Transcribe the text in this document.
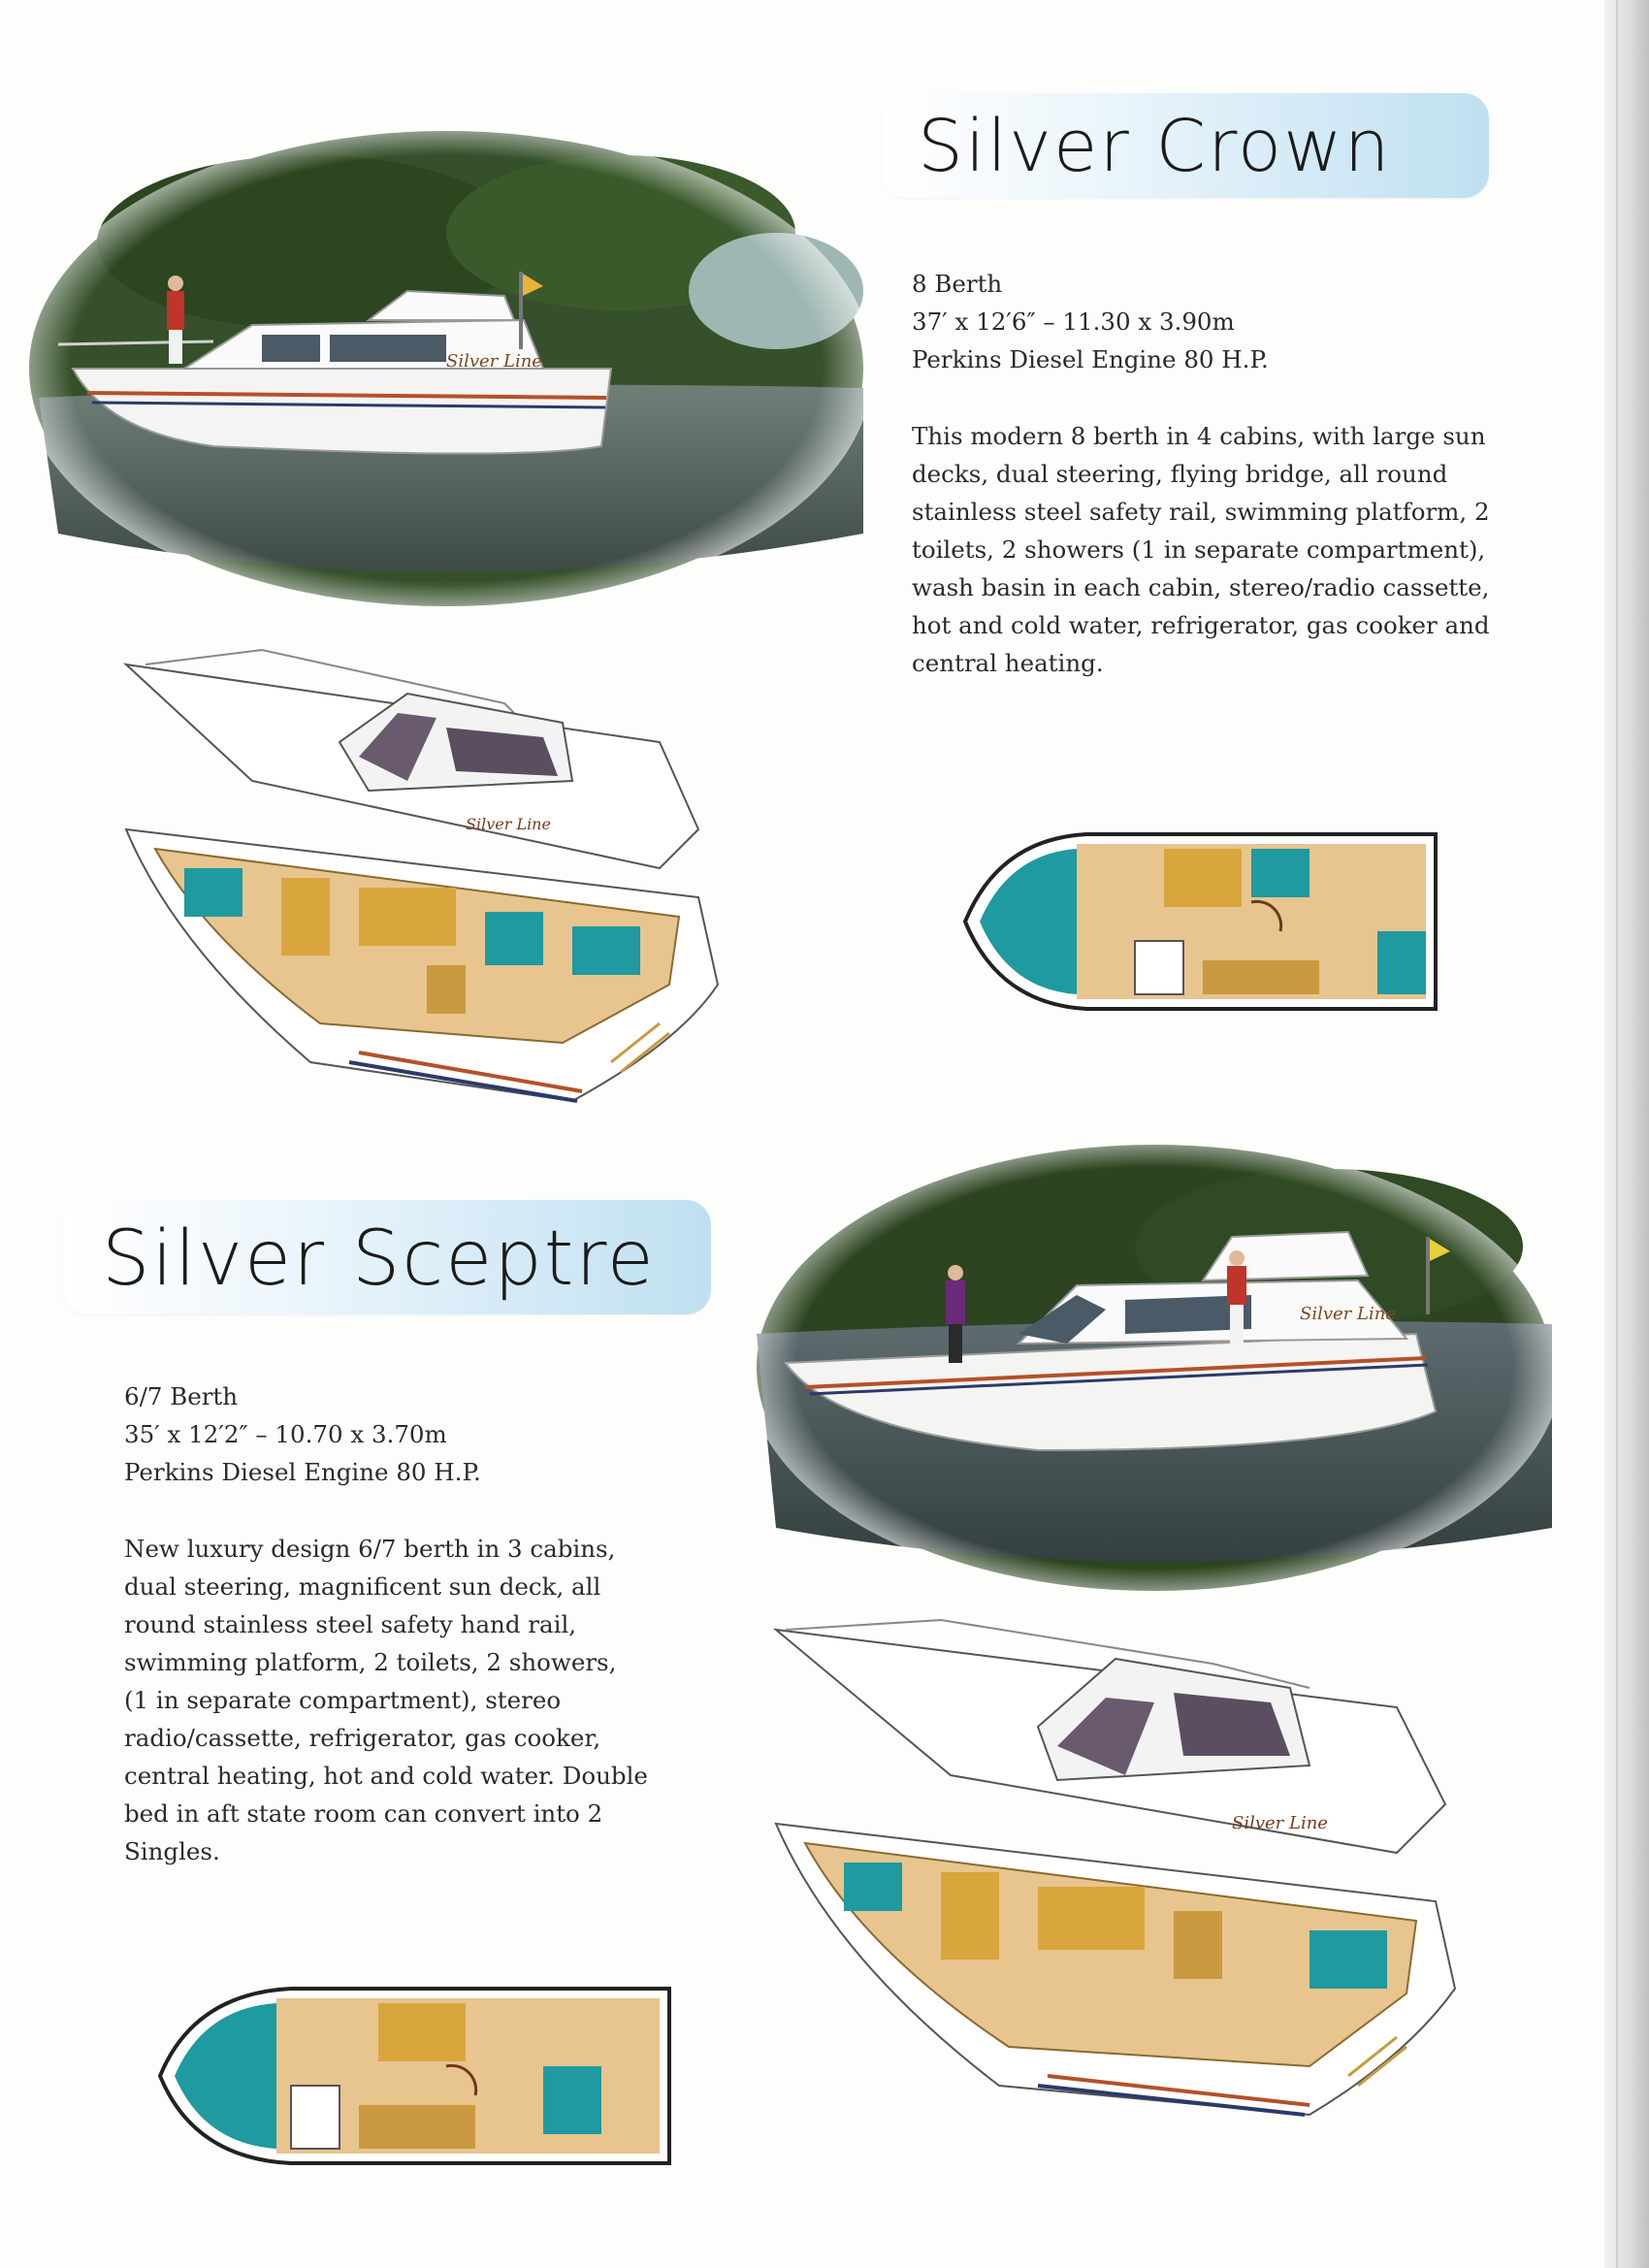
Silver Crown

8 Berth

37′ x 12′6″ – 11.30 x 3.90m

Perkins Diesel Engine 80 H.P.

This modern 8 berth in 4 cabins, with large sun decks, dual steering, flying bridge, all round stainless steel safety rail, swimming platform, 2 toilets, 2 showers (1 in separate compartment), wash basin in each cabin, stereo/radio cassette, hot and cold water, refrigerator, gas cooker and central heating.

Silver Line
Silver Sceptre

6/7 Berth

35′ x 12′2″ – 10.70 x 3.70m

Perkins Diesel Engine 80 H.P.

New luxury design 6/7 berth in 3 cabins, dual steering, magnificent sun deck, all round stainless steel safety hand rail, swimming platform, 2 toilets, 2 showers, (1 in separate compartment), stereo radio/cassette, refrigerator, gas cooker, central heating, hot and cold water. Double bed in aft state room can convert into 2 Singles.

Silver Line
